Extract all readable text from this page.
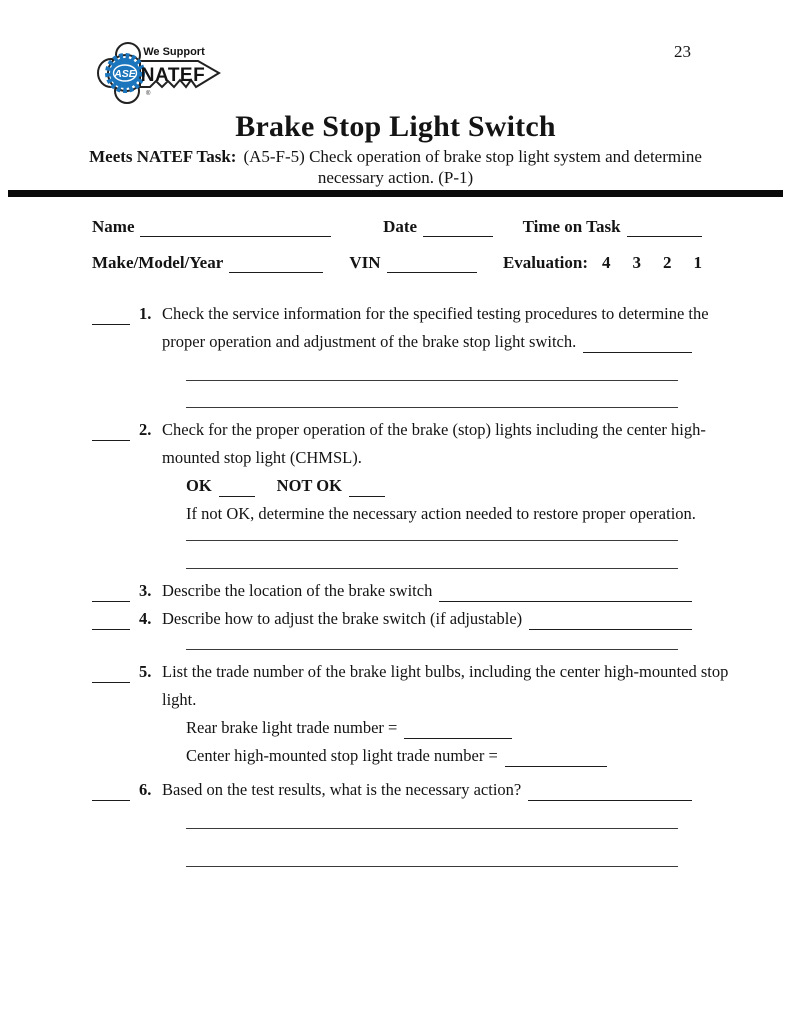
ASE
®
We Support
NATEF
23
Brake Stop Light Switch
Meets NATEF Task: (A5-F-5) Check operation of brake stop light system and determine
necessary action. (P-1)
Name	Date	Time on Task
Make/Model/Year	VIN	Evaluation: 4 3 2 1
1. Check the service information for the specified testing procedures to determine the
proper operation and adjustment of the brake stop light switch.
2. Check for the proper operation of the brake (stop) lights including the center high-
mounted stop light (CHMSL).
OK	NOT OK
If not OK, determine the necessary action needed to restore proper operation.
3. Describe the location of the brake switch
4. Describe how to adjust the brake switch (if adjustable)
5. List the trade number of the brake light bulbs, including the center high-mounted stop
light.
Rear brake light trade number =
Center high-mounted stop light trade number =
6. Based on the test results, what is the necessary action?
